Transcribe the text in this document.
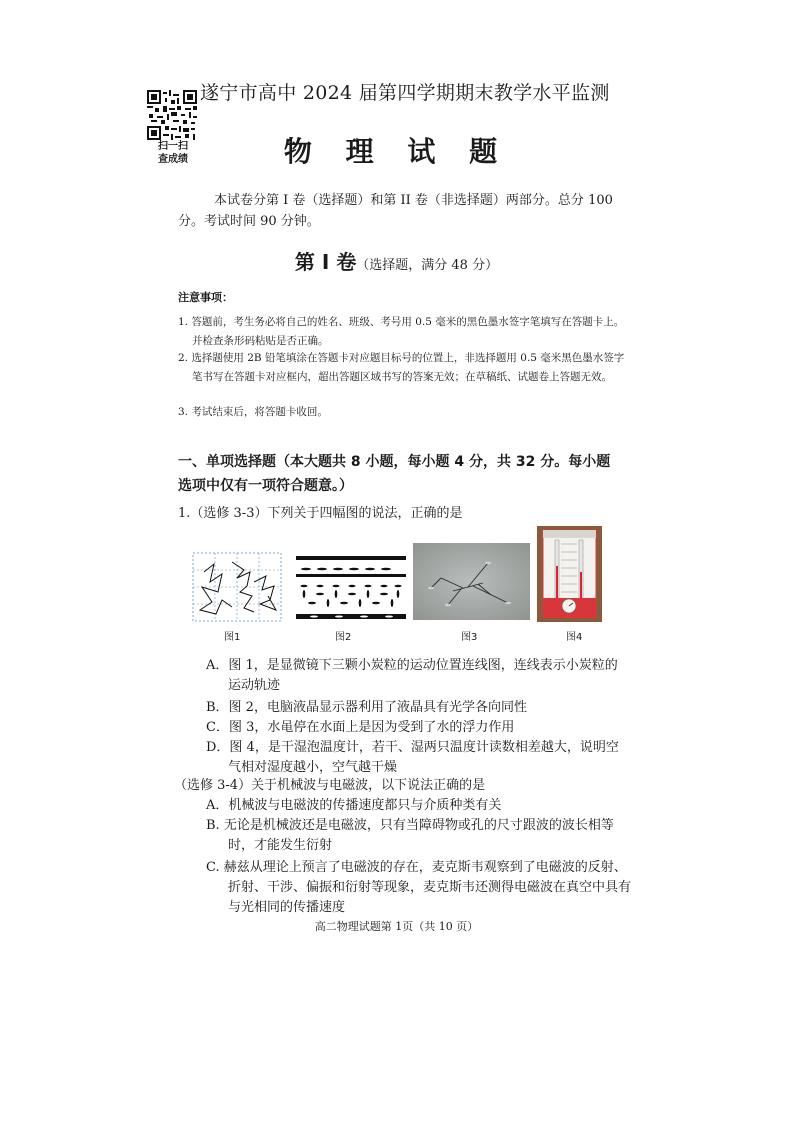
扫一扫
查成绩
遂宁市高中 2024 届第四学期期末教学水平监测
物 理 试 题
本试卷分第 I 卷（选择题）和第 II 卷（非选择题）两部分。总分 100 分。考试时间 90 分钟。
第 I 卷（选择题，满分 48 分）
注意事项：
1. 答题前，考生务必将自己的姓名、班级、考号用 0.5 毫米的黑色墨水签字笔填写在答题卡上。并检查条形码粘贴是否正确。
2. 选择题使用 2B 铅笔填涂在答题卡对应题目标号的位置上，非选择题用 0.5 毫米黑色墨水签字笔书写在答题卡对应框内，超出答题区域书写的答案无效；在草稿纸、试题卷上答题无效。
3. 考试结束后，将答题卡收回。
一、单项选择题（本大题共 8 小题，每小题 4 分，共 32 分。每小题选项中仅有一项符合题意。）
1.（选修 3-3）下列关于四幅图的说法，正确的是
图1	图2	图3	图4
A．图 1，是显微镜下三颗小炭粒的运动位置连线图，连线表示小炭粒的运动轨迹
B．图 2，电脑液晶显示器利用了液晶具有光学各向同性
C．图 3，水黾停在水面上是因为受到了水的浮力作用
D．图 4，是干湿泡温度计，若干、湿两只温度计读数相差越大，说明空气相对湿度越小，空气越干燥
（选修 3-4）关于机械波与电磁波，以下说法正确的是
A．机械波与电磁波的传播速度都只与介质种类有关
B. 无论是机械波还是电磁波，只有当障碍物或孔的尺寸跟波的波长相等时，才能发生衍射
C. 赫兹从理论上预言了电磁波的存在，麦克斯韦观察到了电磁波的反射、折射、干涉、偏振和衍射等现象，麦克斯韦还测得电磁波在真空中具有与光相同的传播速度
高二物理试题第 1页（共 10 页）
